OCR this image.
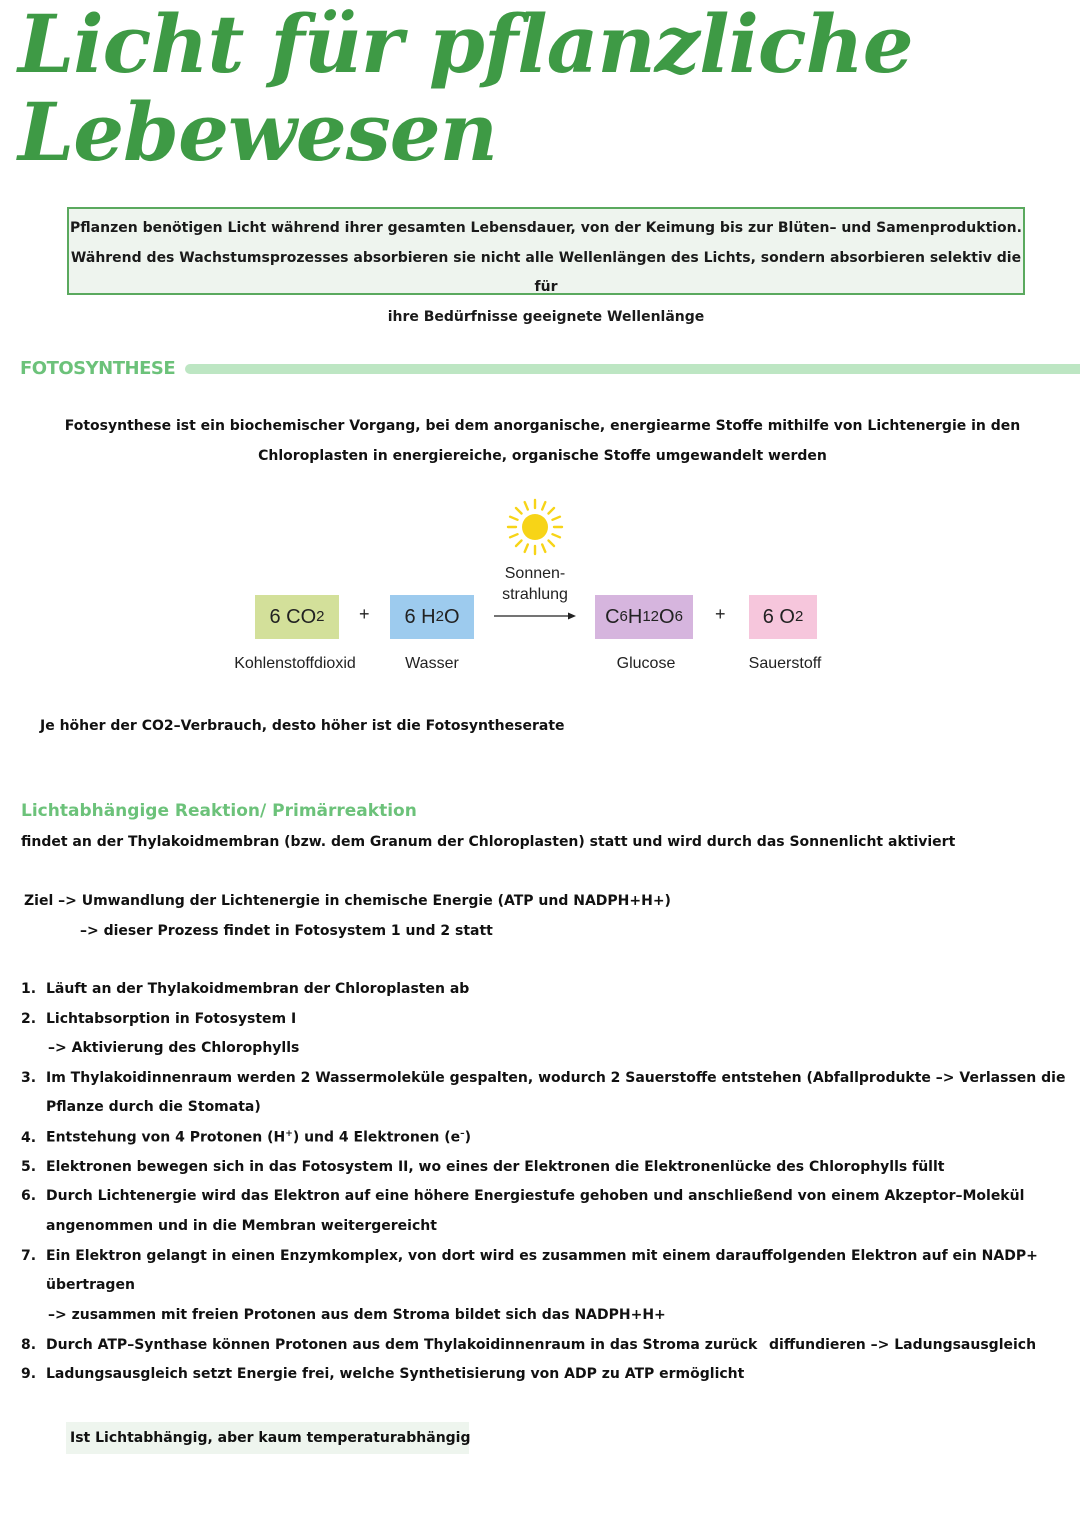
Licht für pflanzliche
Lebewesen
Pflanzen benötigen Licht während ihrer gesamten Lebensdauer, von der Keimung bis zur Blüten– und Samenproduktion.
Während des Wachstumsprozesses absorbieren sie nicht alle Wellenlängen des Lichts, sondern absorbieren selektiv die für
ihre Bedürfnisse geeignete Wellenlänge
FOTOSYNTHESE
Fotosynthese ist ein biochemischer Vorgang, bei dem anorganische, energiearme Stoffe mithilfe von Lichtenergie in den
Chloroplasten in energiereiche, organische Stoffe umgewandelt werden
Sonnen-
strahlung
6 CO 2 + 6 H 2 O	C 6 H 12 O 6 + 6 O 2
Kohlenstoffdioxid	Wasser	Glucose	Sauerstoff
Je höher der CO2–Verbrauch, desto höher ist die Fotosyntheserate
Lichtabhängige Reaktion/ Primärreaktion
findet an der Thylakoidmembran (bzw. dem Granum der Chloroplasten) statt und wird durch das Sonnenlicht aktiviert
Ziel –> Umwandlung der Lichtenergie in chemische Energie (ATP und NADPH+H+)
–> dieser Prozess findet in Fotosystem 1 und 2 statt
1. Läuft an der Thylakoidmembran der Chloroplasten ab
2. Lichtabsorption in Fotosystem I
–> Aktivierung des Chlorophylls
3. Im Thylakoidinnenraum werden 2 Wassermoleküle gespalten, wodurch 2 Sauerstoffe entstehen (Abfallprodukte –> Verlassen die
Pflanze durch die Stomata)
4. Entstehung von 4 Protonen (H+) und 4 Elektronen (e–)
5. Elektronen bewegen sich in das Fotosystem II, wo eines der Elektronen die Elektronenlücke des Chlorophylls füllt
6. Durch Lichtenergie wird das Elektron auf eine höhere Energiestufe gehoben und anschließend von einem Akzeptor–Molekül
angenommen und in die Membran weitergereicht
7. Ein Elektron gelangt in einen Enzymkomplex, von dort wird es zusammen mit einem darauffolgenden Elektron auf ein NADP+
übertragen
–> zusammen mit freien Protonen aus dem Stroma bildet sich das NADPH+H+
8. Durch ATP–Synthase können Protonen aus dem Thylakoidinnenraum in das Stroma zurück diffundieren –> Ladungsausgleich
9. Ladungsausgleich setzt Energie frei, welche Synthetisierung von ADP zu ATP ermöglicht
Ist Lichtabhängig, aber kaum temperaturabhängig
